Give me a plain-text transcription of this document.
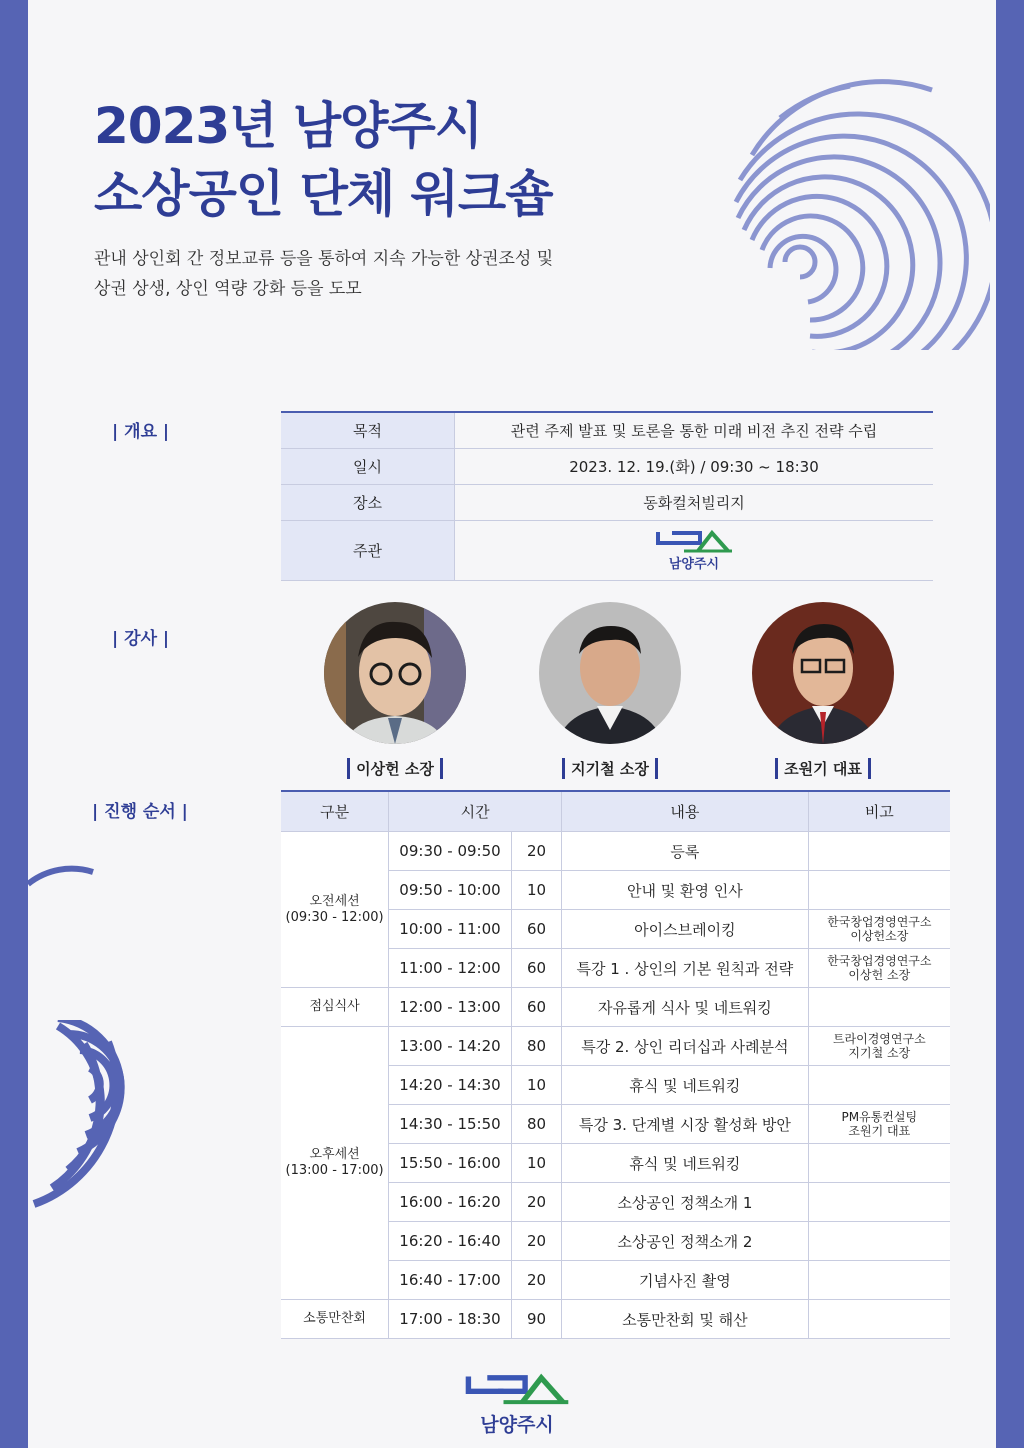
2023년 남양주시
소상공인 단체 워크숍

관내 상인회 간 정보교류 등을 통하여 지속 가능한 상권조성 및
상권 상생, 상인 역량 강화 등을 도모

| 개요 |	목적	관련 주제 발표 및 토론을 통한 미래 비전 추진 전략 수립
일시	2023. 12. 19.(화) / 09:30 ~ 18:30
장소	동화컬처빌리지
주관	남양주시
| 강사 |
이상헌 소장	지기철 소장	조원기 대표
| 진행 순서 |	구분	시간		내용	비고
오전세션
(09:30 - 12:00)	09:30 - 09:50	20	등록	
	09:50 - 10:00	10	안내 및 환영 인사	
	10:00 - 11:00	60	아이스브레이킹	한국창업경영연구소
이상헌소장
	11:00 - 12:00	60	특강 1 . 상인의 기본 원칙과 전략	한국창업경영연구소
이상헌 소장
점심식사	12:00 - 13:00	60	자유롭게 식사 및 네트워킹	
오후세션
(13:00 - 17:00)	13:00 - 14:20	80	특강 2. 상인 리더십과 사례분석	트라이경영연구소
지기철 소장
	14:20 - 14:30	10	휴식 및 네트워킹	
	14:30 - 15:50	80	특강 3. 단계별 시장 활성화 방안	PM유통컨설팅
조원기 대표
	15:50 - 16:00	10	휴식 및 네트워킹	
	16:00 - 16:20	20	소상공인 정책소개 1	
	16:20 - 16:40	20	소상공인 정책소개 2	
	16:40 - 17:00	20	기념사진 촬영	
소통만찬회	17:00 - 18:30	90	소통만찬회 및 해산	
남양주시
